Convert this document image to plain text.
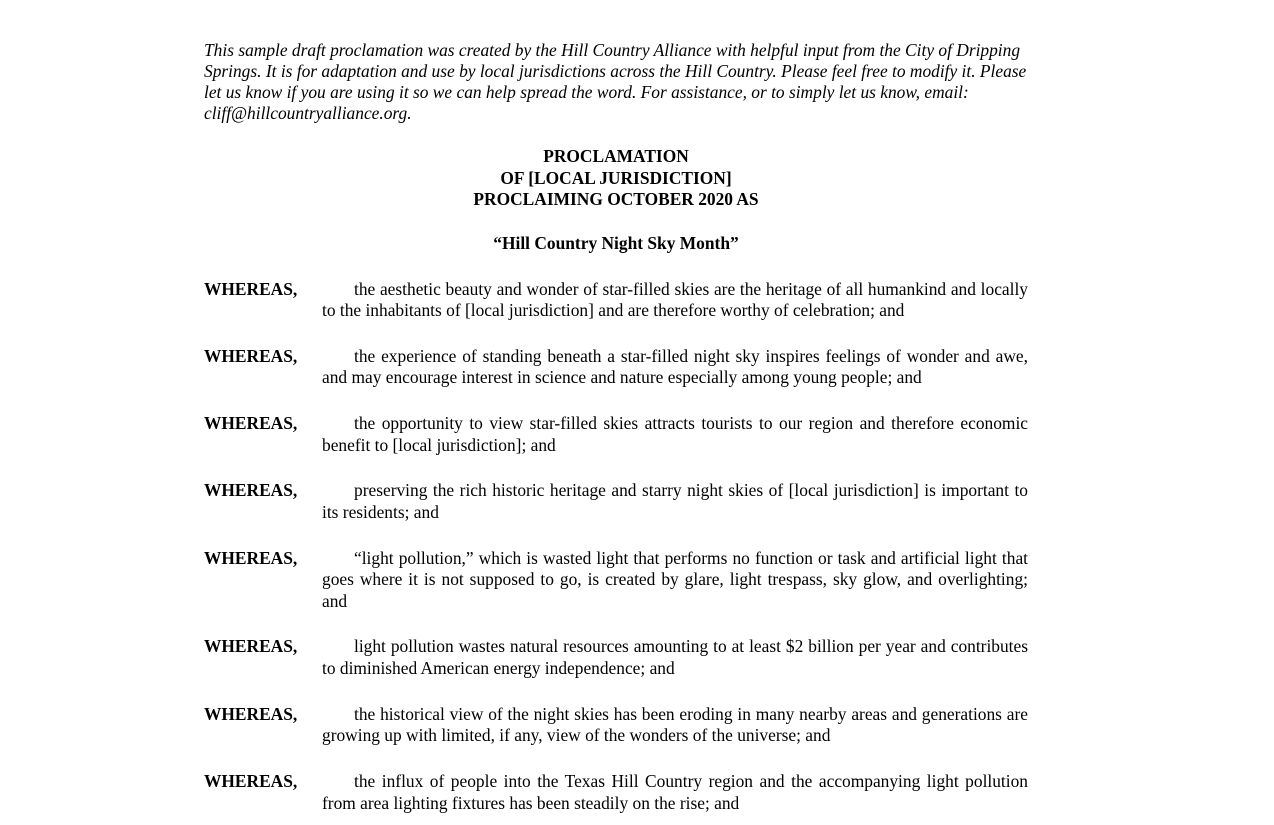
This sample draft proclamation was created by the Hill Country Alliance with helpful input from the City of Dripping Springs. It is for adaptation and use by local jurisdictions across the Hill Country. Please feel free to modify it. Please let us know if you are using it so we can help spread the word. For assistance, or to simply let us know, email: cliff@hillcountryalliance.org.

PROCLAMATION
OF [LOCAL JURISDICTION]
PROCLAIMING OCTOBER 2020 AS
“Hill Country Night Sky Month”
WHEREAS,	the aesthetic beauty and wonder of star-filled skies are the heritage of all humankind and locally to the inhabitants of [local jurisdiction] and are therefore worthy of celebration; and
WHEREAS,	the experience of standing beneath a star-filled night sky inspires feelings of wonder and awe, and may encourage interest in science and nature especially among young people; and
WHEREAS,	the opportunity to view star-filled skies attracts tourists to our region and therefore economic benefit to [local jurisdiction]; and
WHEREAS,	preserving the rich historic heritage and starry night skies of [local jurisdiction] is important to its residents; and
WHEREAS,	“light pollution,” which is wasted light that performs no function or task and artificial light that goes where it is not supposed to go, is created by glare, light trespass, sky glow, and overlighting; and
WHEREAS,	light pollution wastes natural resources amounting to at least $2 billion per year and contributes to diminished American energy independence; and
WHEREAS,	the historical view of the night skies has been eroding in many nearby areas and generations are growing up with limited, if any, view of the wonders of the universe; and
WHEREAS,	the influx of people into the Texas Hill Country region and the accompanying light pollution from area lighting fixtures has been steadily on the rise; and
